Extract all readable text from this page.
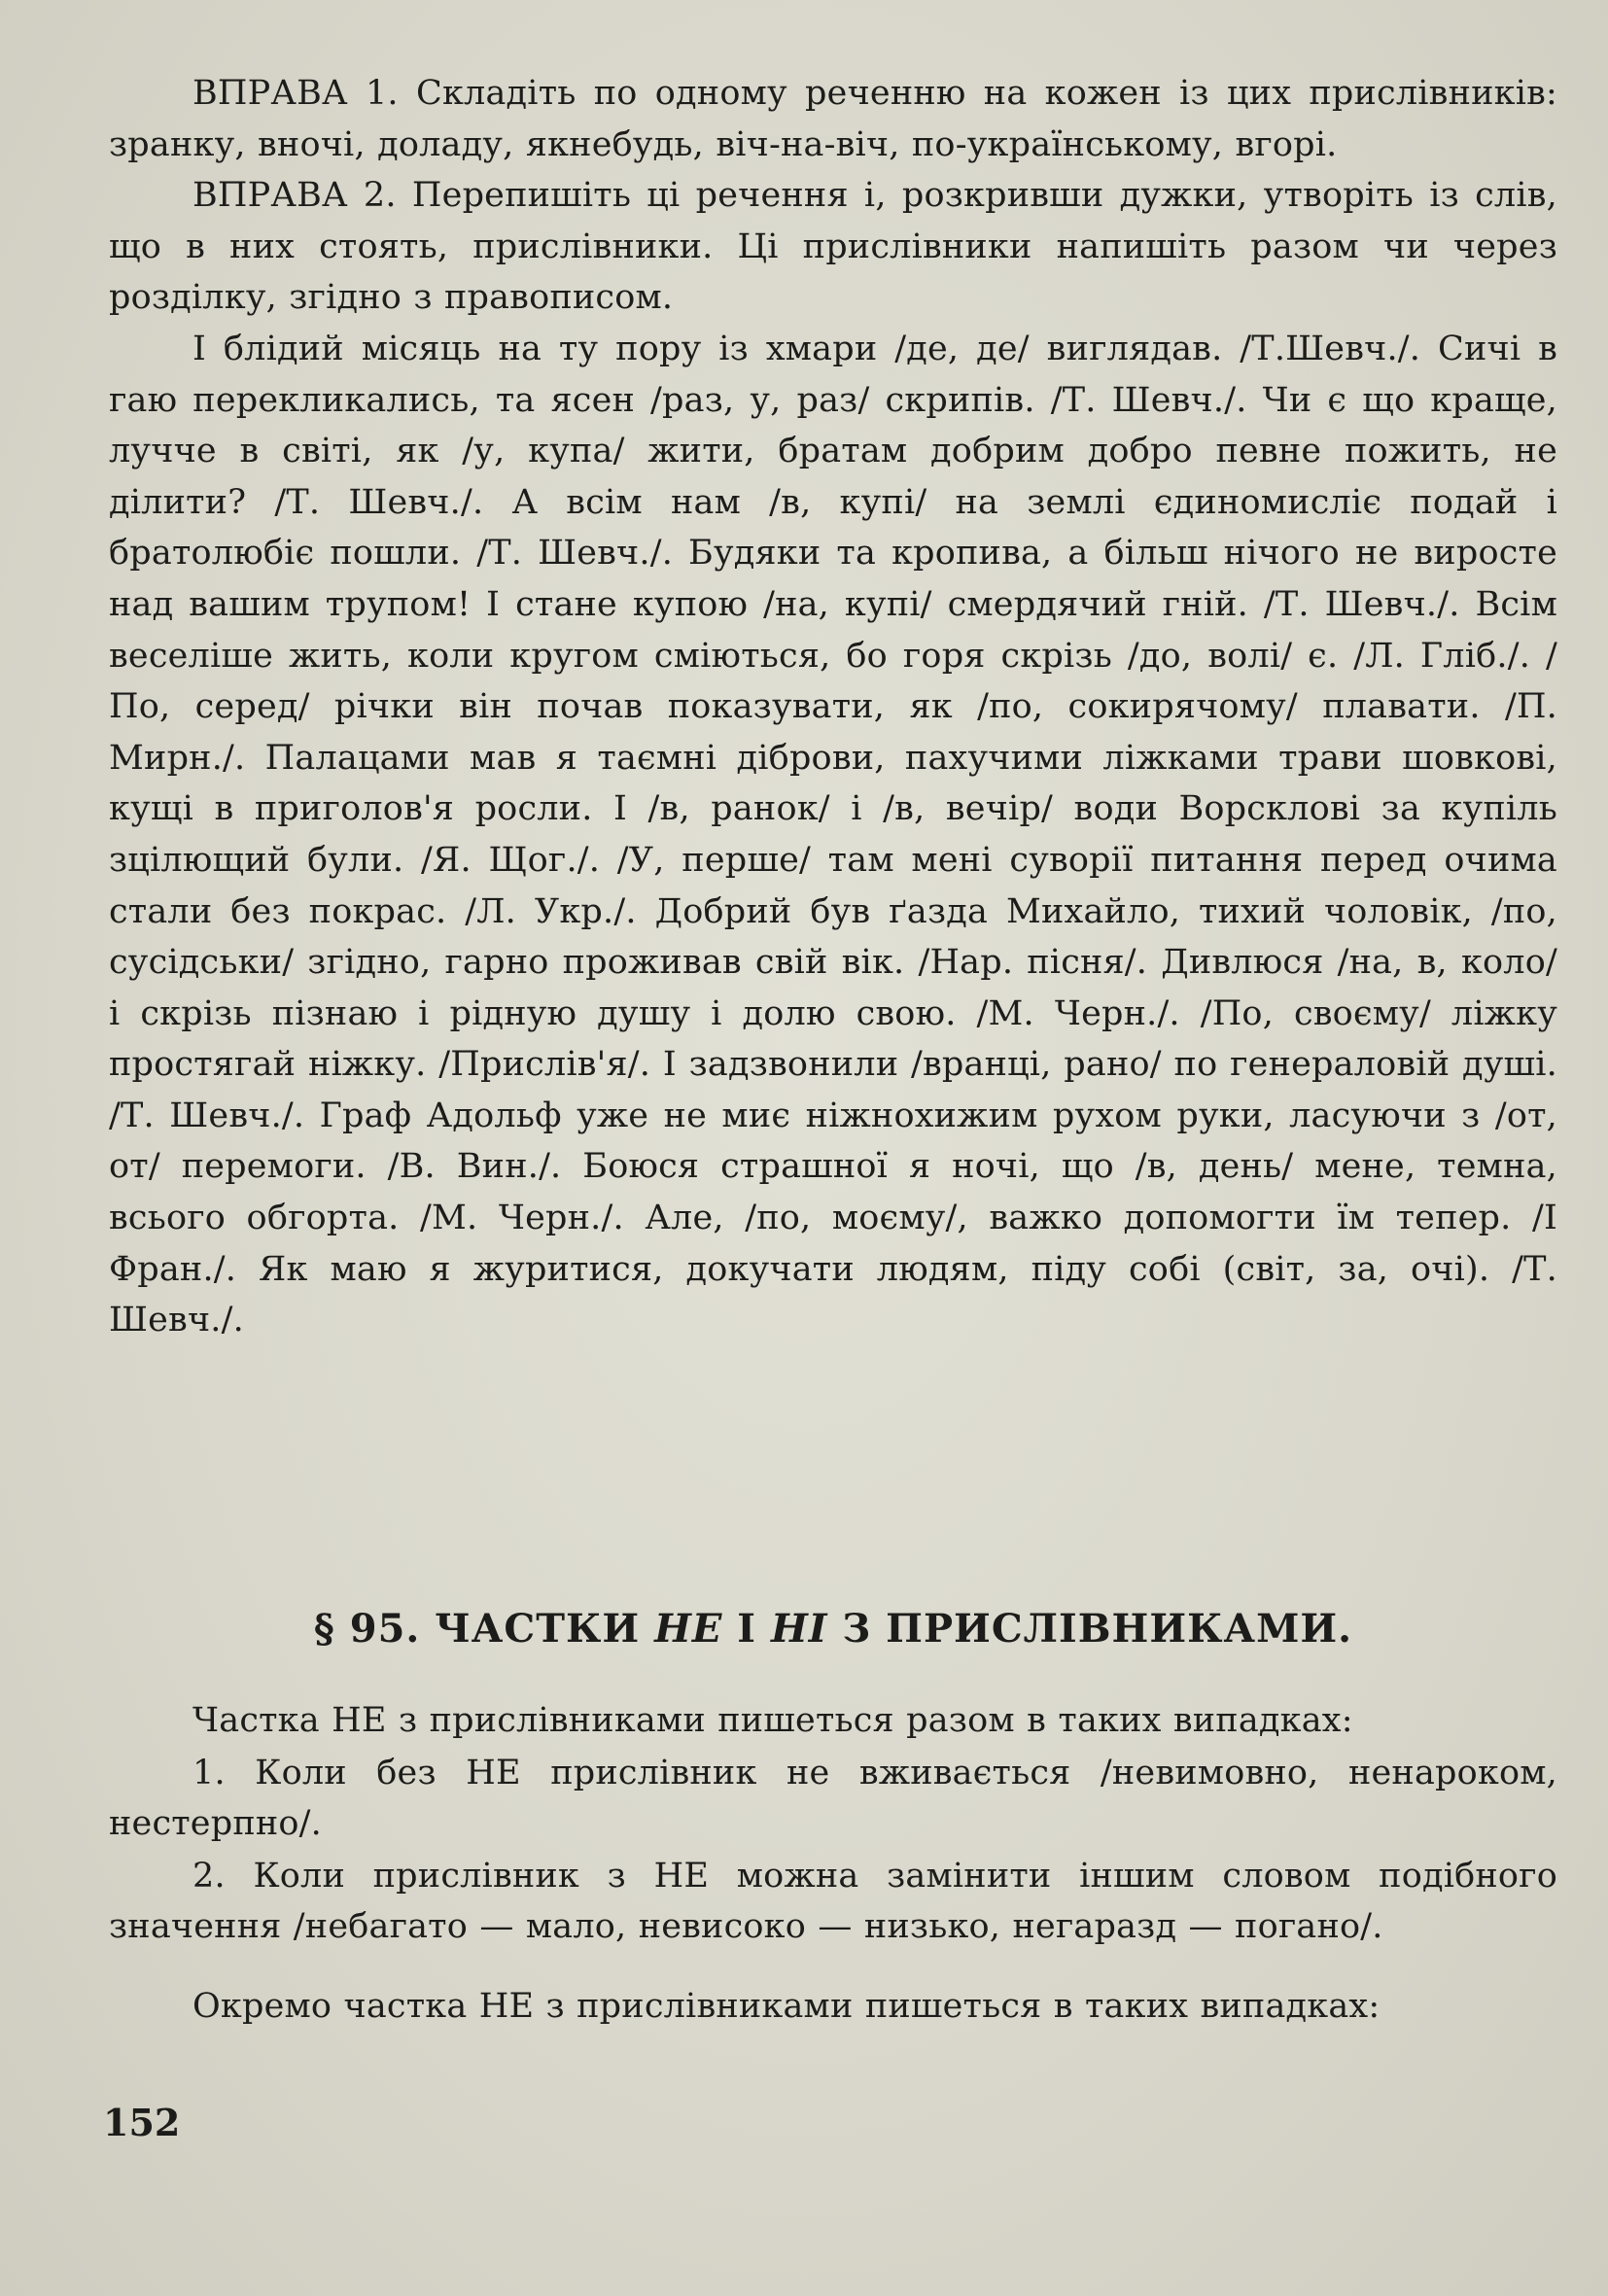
ВПРАВА 1. Складіть по одному реченню на кожен із цих прислівників: зранку, вночі, доладу, якнебудь, віч-на-віч, по-українському, вгорі.

ВПРАВА 2. Перепишіть ці речення і, розкривши дужки, утворіть із слів, що в них стоять, прислівники. Ці прислівники напишіть разом чи через розділку, згідно з правописом.

І блідий місяць на ту пору із хмари /де, де/ виглядав. /Т.Шевч./. Сичі в гаю перекликались, та ясен /раз, у, раз/ скрипів. /Т. Шевч./. Чи є що краще, лучче в світі, як /у, купа/ жити, братам добрим добро певне пожить, не ділити? /Т. Шевч./. А всім нам /в, купі/ на землі єдиномисліє подай і братолюбіє пошли. /Т. Шевч./. Будяки та кропива, а більш нічого не виросте над вашим трупом! І стане купою /на, купі/ смердячий гній. /Т. Шевч./. Всім веселіше жить, коли кругом сміються, бо горя скрізь /до, волі/ є. /Л. Гліб./. /По, серед/ річки він почав показувати, як /по, сокирячому/ плавати. /П. Мирн./. Палацами мав я таємні діброви, пахучими ліжками трави шовкові, кущі в приголов'я росли. І /в, ранок/ і /в, вечір/ води Ворсклові за купіль зцілющий були. /Я. Щог./. /У, перше/ там мені суворії питання перед очима стали без покрас. /Л. Укр./. Добрий був ґазда Михайло, тихий чоловік, /по, сусідськи/ згідно, гарно проживав свій вік. /Нар. пісня/. Дивлюся /на, в, коло/ і скрізь пізнаю і рідную душу і долю свою. /М. Черн./. /По, своєму/ ліжку простягай ніжку. /Прислів'я/. І задзвонили /вранці, рано/ по генераловій душі. /Т. Шевч./. Граф Адольф уже не миє ніжнохижим рухом руки, ласуючи з /от, от/ перемоги. /В. Вин./. Боюся страшної я ночі, що /в, день/ мене, темна, всього обгорта. /М. Черн./. Але, /по, моєму/, важко допомогти їм тепер. /І Фран./. Як маю я журитися, докучати людям, піду собі (світ, за, очі). /Т. Шевч./.

§ 95. ЧАСТКИ НЕ І НІ З ПРИСЛІВНИКАМИ.

Частка НЕ з прислівниками пишеться разом в таких випадках:

1. Коли без НЕ прислівник не вживається /невимовно, ненароком, нестерпно/.

2. Коли прислівник з НЕ можна замінити іншим словом подібного значення /небагато — мало, невисоко — низько, негаразд — погано/.

Окремо частка НЕ з прислівниками пишеться в таких випадках:

152
